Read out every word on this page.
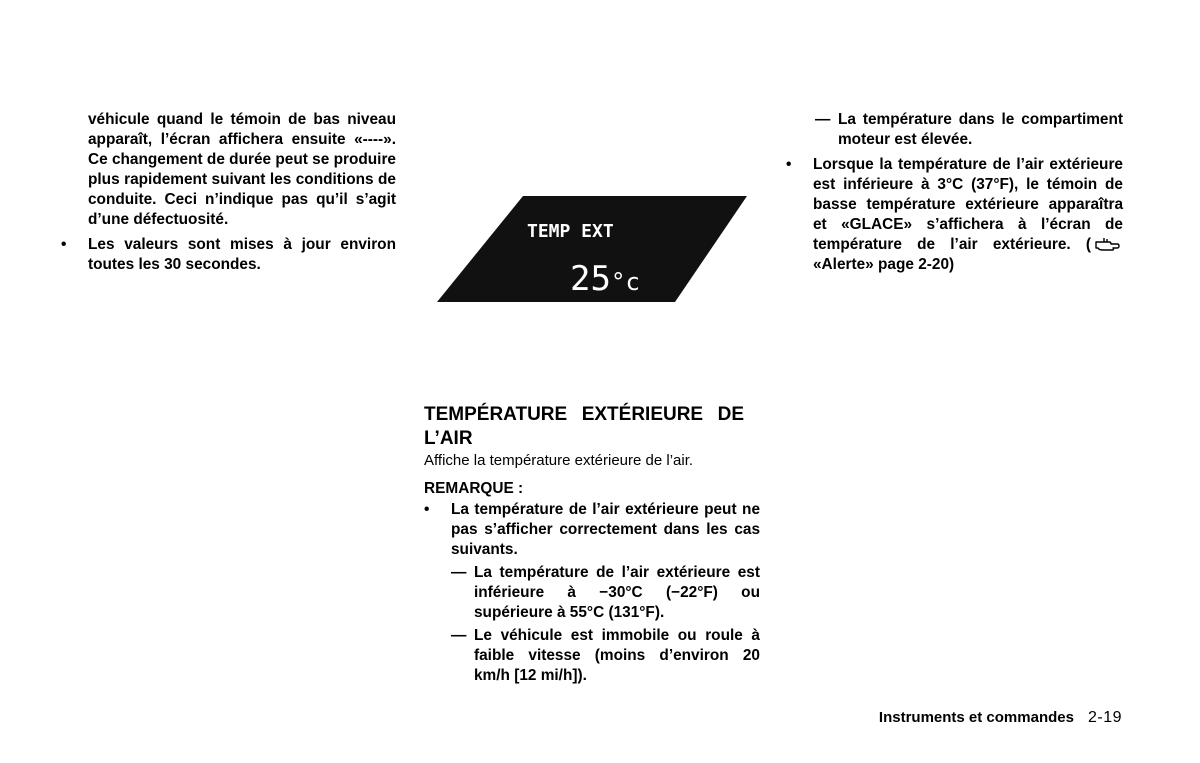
véhicule quand le témoin de bas niveau apparaît, l’écran affichera ensuite «‑‑‑‑». Ce changement de durée peut se produire plus rapidement suivant les conditions de conduite. Ceci n’indique pas qu’il s’agit d’une défectuosité.

• Les valeurs sont mises à jour environ toutes les 30 secondes.
TEMP EXT
25 °c

TEMPÉRATURE EXTÉRIEURE DE L’AIR

Affiche la température extérieure de l’air.

REMARQUE :

• La température de l’air extérieure peut ne pas s’afficher correctement dans les cas suivants.
— La température de l’air extérieure est inférieure à −30°C (−22°F) ou supérieure à 55°C (131°F).
— Le véhicule est immobile ou roule à faible vitesse (moins d’environ 20 km/h [12 mi/h]).
— La température dans le compartiment moteur est élevée.
• Lorsque la température de l’air extérieure est inférieure à 3°C (37°F), le témoin de basse température extérieure apparaîtra et «GLACE» s’affichera à l’écran de température de l’air extérieure. («Alerte» page 2-20)
Instruments et commandes 2-19
